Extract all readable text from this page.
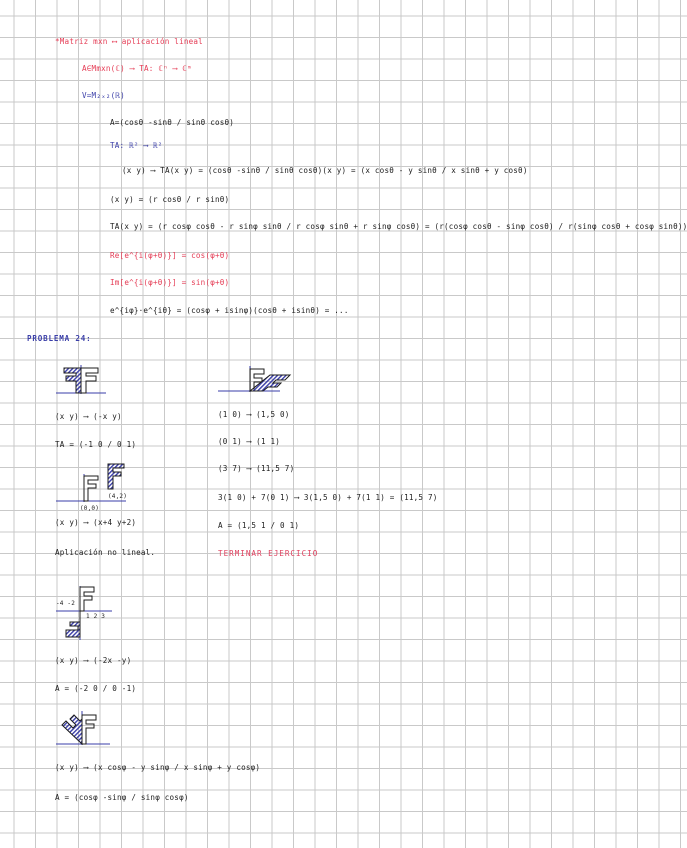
*Matriz mxn ⟷ aplicación lineal
A∈Mmxn(ℂ) ⟶ TA: ℂⁿ ⟶ ℂᵐ
V=M₂ₓ₂(ℝ)
A=(cosθ -sinθ / sinθ cosθ)
TA: ℝ² ⟶ ℝ²
(x y) ⟶ TA(x y) = (cosθ -sinθ / sinθ cosθ)(x y) = (x cosθ - y sinθ / x sinθ + y cosθ)
(x y) = (r cosθ / r sinθ)
TA(x y) = (r cosφ cosθ - r sinφ sinθ / r cosφ sinθ + r sinφ cosθ) = (r(cosφ cosθ - sinφ cosθ) / r(sinφ cosθ + cosφ sinθ))
Re[e^{i(φ+θ)}] = cos(φ+θ)
Im[e^{i(φ+θ)}] = sin(φ+θ)
e^{iφ}·e^{iθ} = (cosφ + isinφ)(cosθ + isinθ) = ...
PROBLEMA 24:
(x y) ⟶ (-x y)
TA = (-1 0 / 0 1)
(4,2)
(0,0)
(x y) ⟶ (x+4 y+2)
Aplicación no lineal.
-4 -2
1 2 3
(x y) ⟶ (-2x -y)
A = (-2 0 / 0 -1)
(x y) ⟶ (x cosφ - y sinφ / x sinφ + y cosφ)
A = (cosφ -sinφ / sinφ cosφ)
(1 0) ⟶ (1,5 0)
(0 1) ⟶ (1 1)
(3 7) ⟶ (11,5 7)
3(1 0) + 7(0 1) ⟶ 3(1,5 0) + 7(1 1) = (11,5 7)
A = (1,5 1 / 0 1)
TERMINAR EJERCICIO
